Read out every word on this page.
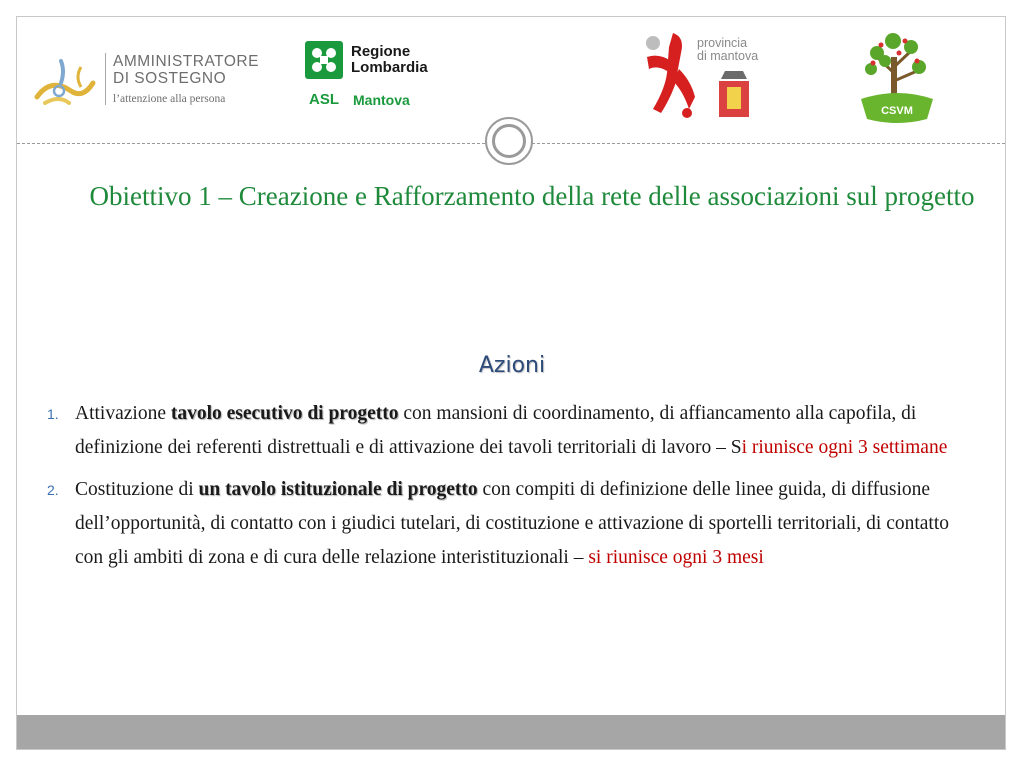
AMMINISTRATORE
DI SOSTEGNO
l’attenzione alla persona
Regione
Lombardia
ASL Mantova
provincia
di mantova
CSVM
Obiettivo 1 – Creazione e Rafforzamento della rete delle associazioni sul progetto
Azioni
1. Attivazione tavolo esecutivo di progetto con mansioni di coordinamento, di affiancamento alla capofila, di definizione dei referenti distrettuali e di attivazione dei tavoli territoriali di lavoro – Si riunisce ogni 3 settimane
2. Costituzione di un tavolo istituzionale di progetto con compiti di definizione delle linee guida, di diffusione dell’opportunità, di contatto con i giudici tutelari, di costituzione e attivazione di sportelli territoriali, di contatto con gli ambiti di zona e di cura delle relazione interistituzionali – si riunisce ogni 3 mesi
